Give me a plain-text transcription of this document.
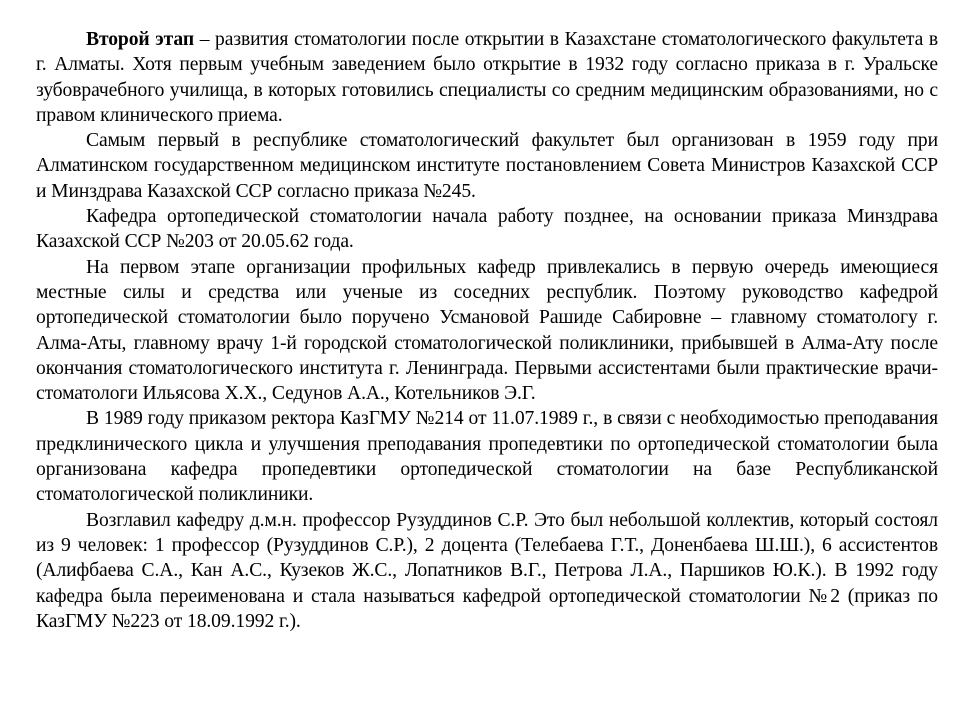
Второй этап – развития стоматологии после открытии в Казахстане стоматологического факультета в г. Алматы. Хотя первым учебным заведением было открытие в 1932 году согласно приказа в г. Уральске зубоврачебного училища, в которых готовились специалисты со средним медицинским образованиями, но с правом клинического приема.

Самым первый в республике стоматологический факультет был организован в 1959 году при Алматинском государственном медицинском институте постановлением Совета Министров Казахской ССР и Минздрава Казахской ССР согласно приказа №245.

Кафедра ортопедической стоматологии начала работу позднее, на основании приказа Минздрава Казахской ССР №203 от 20.05.62 года.

На первом этапе организации профильных кафедр привлекались в первую очередь имеющиеся местные силы и средства или ученые из соседних республик. Поэтому руководство кафедрой ортопедической стоматологии было поручено Усмановой Рашиде Сабировне – главному стоматологу г. Алма-Аты, главному врачу 1-й городской стоматологической поликлиники, прибывшей в Алма-Ату после окончания стоматологического института г. Ленинграда. Первыми ассистентами были практические врачи-стоматологи Ильясова Х.Х., Седунов А.А., Котельников Э.Г.

В 1989 году приказом ректора КазГМУ №214 от 11.07.1989 г., в связи с необходимостью преподавания предклинического цикла и улучшения преподавания пропедевтики по ортопедической стоматологии была организована кафедра пропедевтики ортопедической стоматологии на базе Республиканской стоматологической поликлиники.

Возглавил кафедру д.м.н. профессор Рузуддинов С.Р. Это был небольшой коллектив, который состоял из 9 человек: 1 профессор (Рузуддинов С.Р.), 2 доцента (Телебаева Г.Т., Доненбаева Ш.Ш.), 6 ассистентов (Алифбаева С.А., Кан А.С., Кузеков Ж.С., Лопатников В.Г., Петрова Л.А., Паршиков Ю.К.). В 1992 году кафедра была переименована и стала называться кафедрой ортопедической стоматологии №2 (приказ по КазГМУ №223 от 18.09.1992 г.).
